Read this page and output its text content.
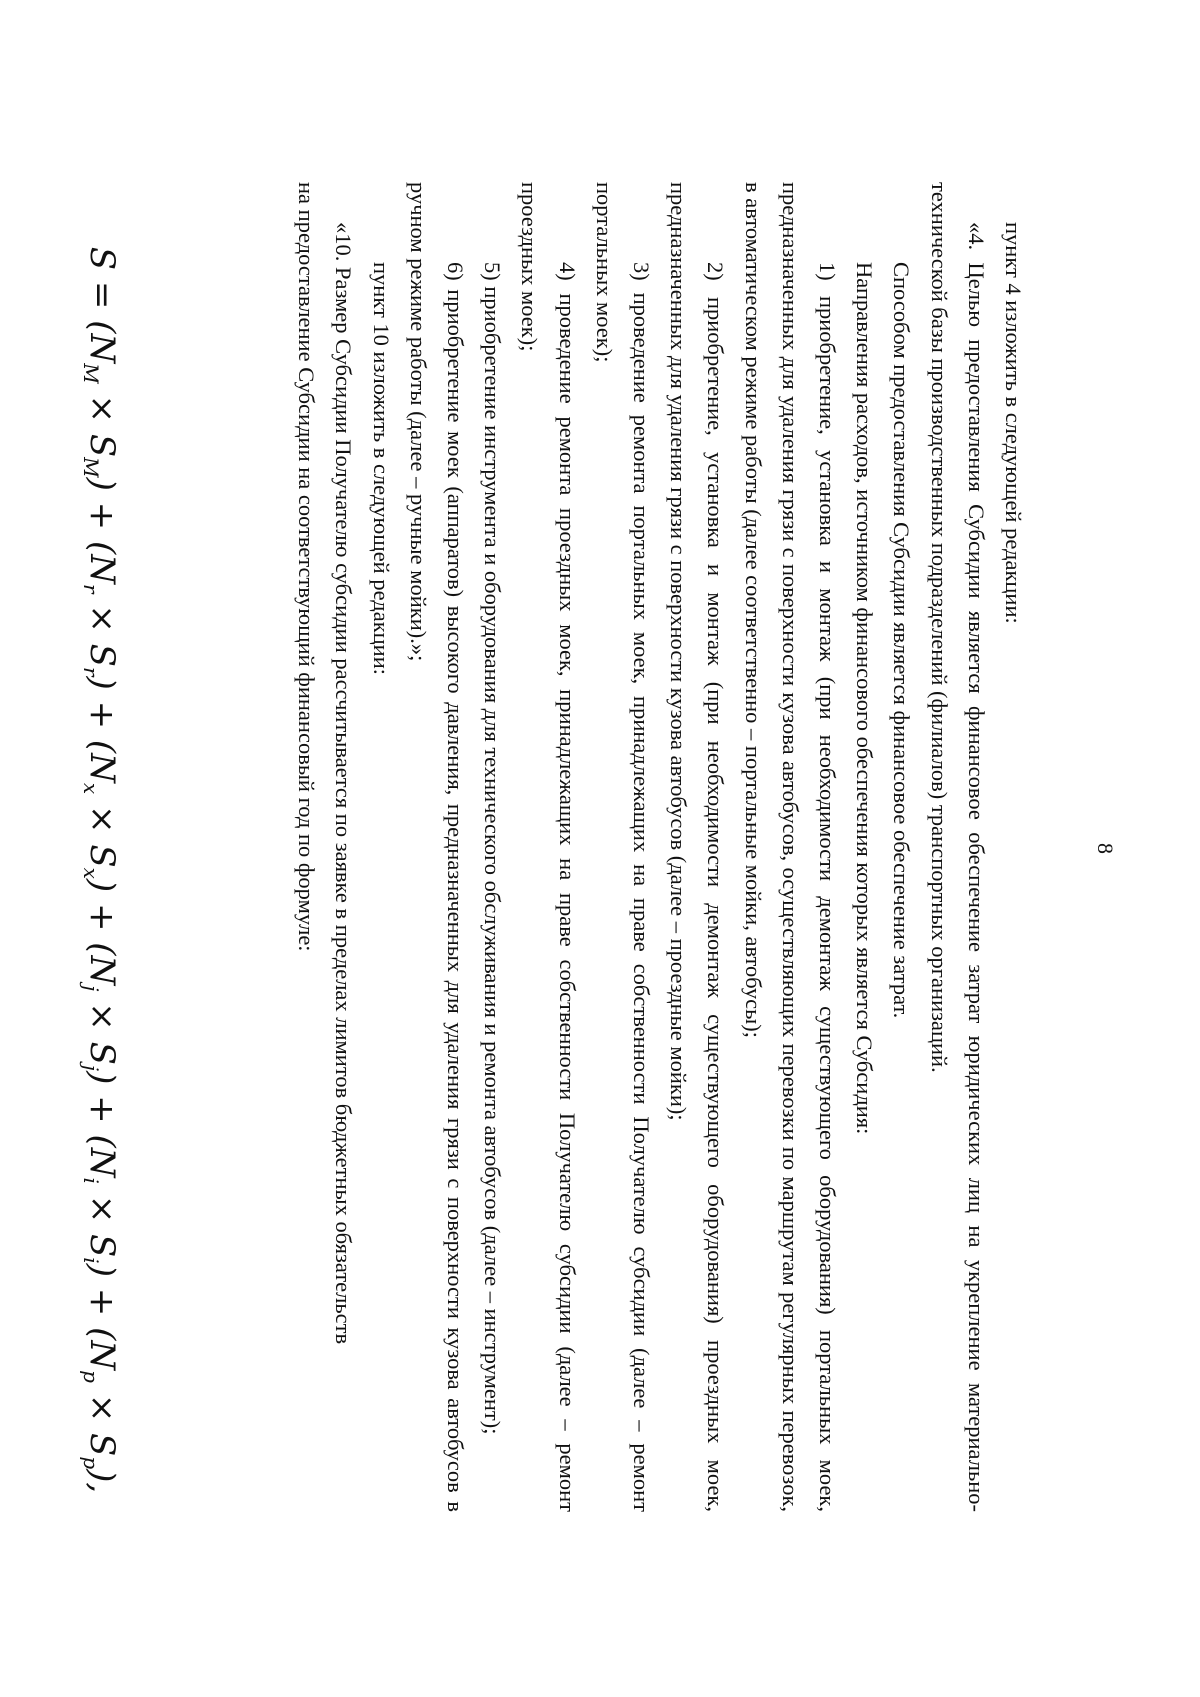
8

пункт 4 изложить в следующей редакции:

«4. Целью предоставления Субсидии является финансовое обеспечение затрат юридических лиц на укрепление материально-технической базы производственных подразделений (филиалов) транспортных организаций.

Способом предоставления Субсидии является финансовое обеспечение затрат.

Направления расходов, источником финансового обеспечения которых является Субсидия:

1) приобретение, установка и монтаж (при необходимости демонтаж существующего оборудования) портальных моек, предназначенных для удаления грязи с поверхности кузова автобусов, осуществляющих перевозки по маршрутам регулярных перевозок, в автоматическом режиме работы (далее соответственно – портальные мойки, автобусы);

2) приобретение, установка и монтаж (при необходимости демонтаж существующего оборудования) проездных моек, предназначенных для удаления грязи с поверхности кузова автобусов (далее – проездные мойки);

3) проведение ремонта портальных моек, принадлежащих на праве собственности Получателю субсидии (далее – ремонт портальных моек);

4) проведение ремонта проездных моек, принадлежащих на праве собственности Получателю субсидии (далее – ремонт проездных моек);

5) приобретение инструмента и оборудования для технического обслуживания и ремонта автобусов (далее – инструмент);

6) приобретение моек (аппаратов) высокого давления, предназначенных для удаления грязи с поверхности кузова автобусов в ручном режиме работы (далее – ручные мойки).»;

пункт 10 изложить в следующей редакции:

«10. Размер Субсидии Получателю субсидии рассчитывается по заявке в пределах лимитов бюджетных обязательств

на предоставление Субсидии на соответствующий финансовый год по формуле:

$S = (N_M \times S_M) + (N_r \times S_r) + (N_x \times S_x) + (N_j \times S_j) + (N_i \times S_i) + (N_p \times S_p)$,
